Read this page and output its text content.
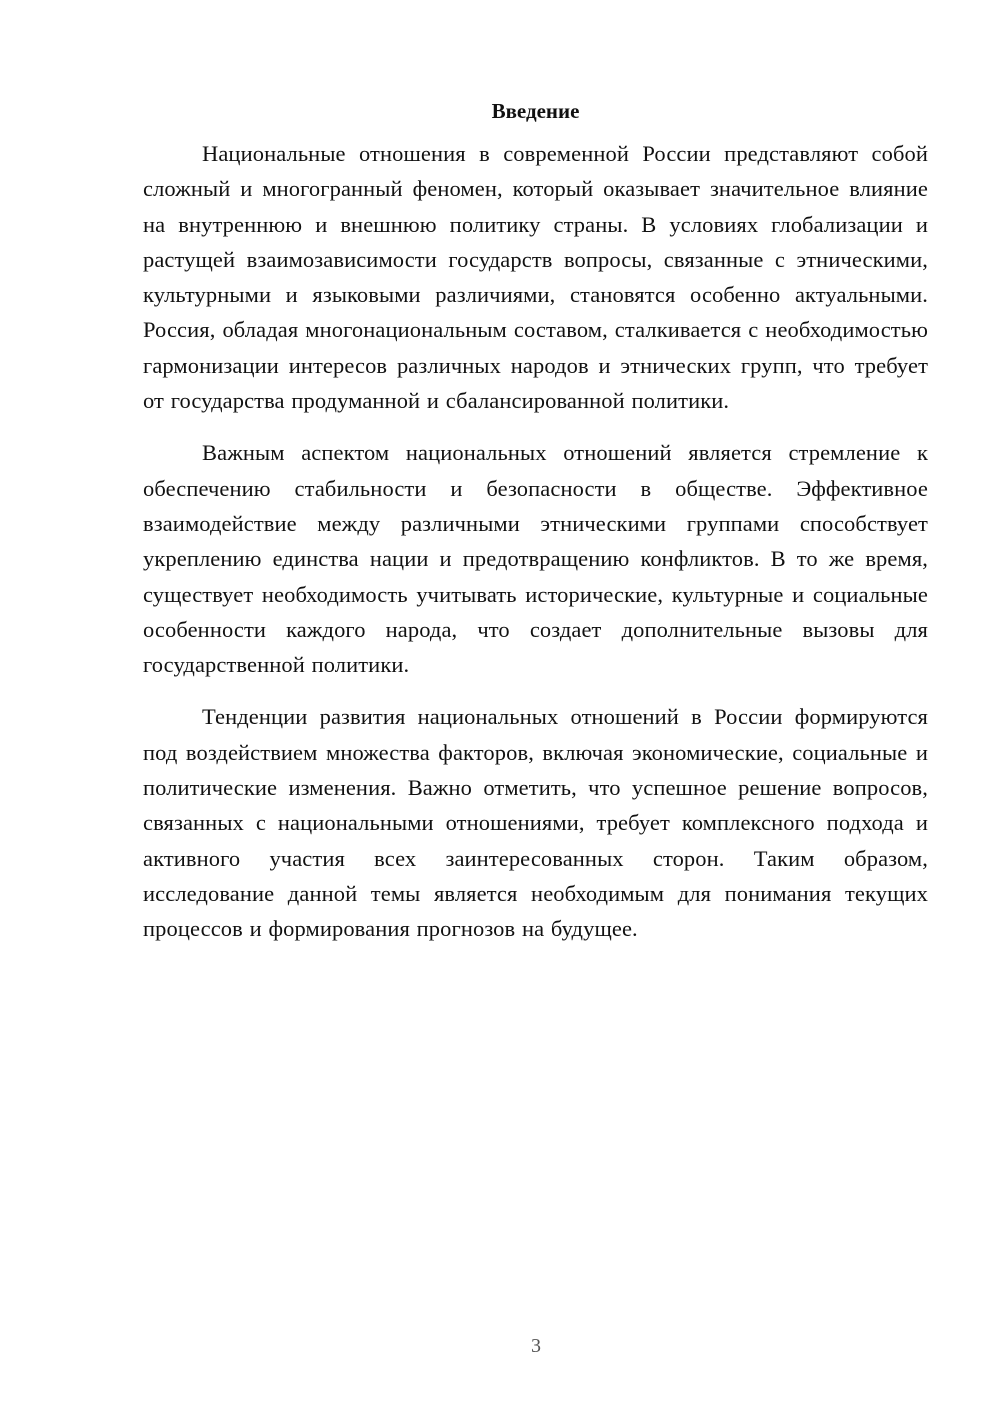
Введение

Национальные отношения в современной России представляют собой сложный и многогранный феномен, который оказывает значительное влияние на внутреннюю и внешнюю политику страны. В условиях глобализации и растущей взаимозависимости государств вопросы, связанные с этническими, культурными и языковыми различиями, становятся особенно актуальными. Россия, обладая многонациональным составом, сталкивается с необходимостью гармонизации интересов различных народов и этнических групп, что требует от государства продуманной и сбалансированной политики.

Важным аспектом национальных отношений является стремление к обеспечению стабильности и безопасности в обществе. Эффективное взаимодействие между различными этническими группами способствует укреплению единства нации и предотвращению конфликтов. В то же время, существует необходимость учитывать исторические, культурные и социальные особенности каждого народа, что создает дополнительные вызовы для государственной политики.

Тенденции развития национальных отношений в России формируются под воздействием множества факторов, включая экономические, социальные и политические изменения. Важно отметить, что успешное решение вопросов, связанных с национальными отношениями, требует комплексного подхода и активного участия всех заинтересованных сторон. Таким образом, исследование данной темы является необходимым для понимания текущих процессов и формирования прогнозов на будущее.

3
